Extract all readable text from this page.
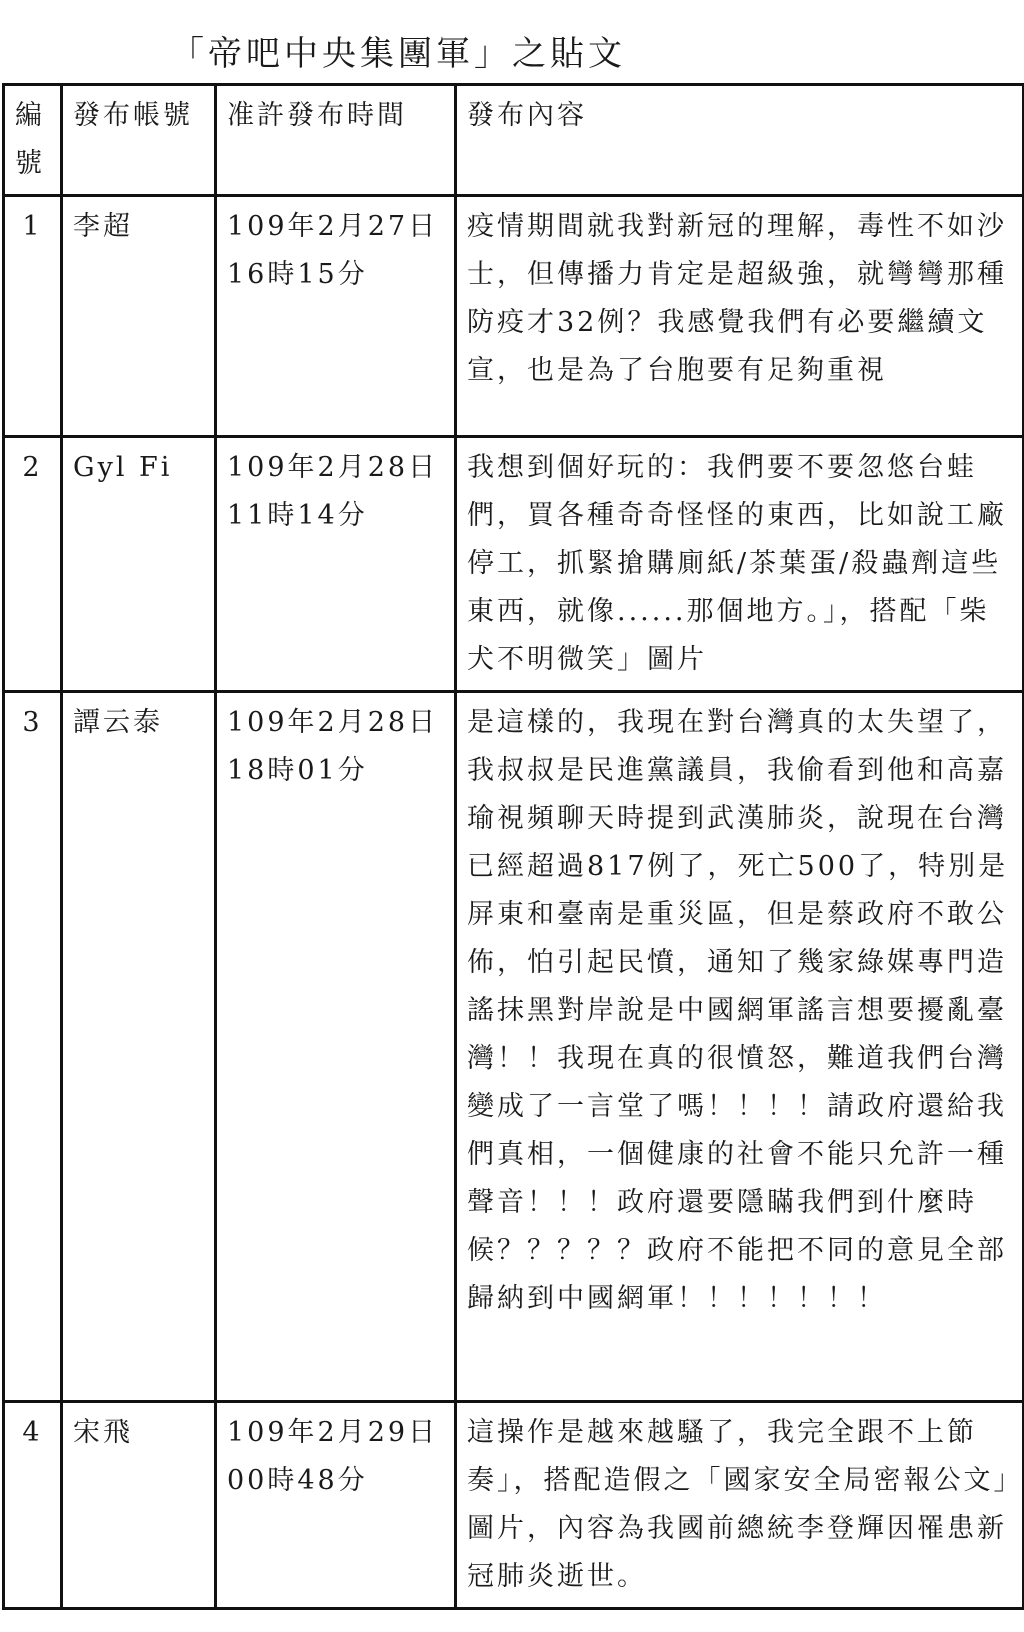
「帝吧中央集團軍」之貼文
編號	發布帳號	准許發布時間	發布內容
1	李超	109年2月27日
16時15分	疫情期間就我對新冠的理解，毒性不如沙士，但傳播力肯定是超級強，就彎彎那種防疫才32例？我感覺我們有必要繼續文宣，也是為了台胞要有足夠重視
2	Gyl Fi	109年2月28日
11時14分	我想到個好玩的：我們要不要忽悠台蛙們，買各種奇奇怪怪的東西，比如說工廠停工，抓緊搶購廁紙/茶葉蛋/殺蟲劑這些東西，就像......那個地方。」，搭配「柴犬不明微笑」圖片
3	譚云泰	109年2月28日
18時01分	是這樣的，我現在對台灣真的太失望了，我叔叔是民進黨議員，我偷看到他和高嘉瑜視頻聊天時提到武漢肺炎，說現在台灣已經超過817例了，死亡500了，特別是屏東和臺南是重災區，但是蔡政府不敢公佈，怕引起民憤，通知了幾家綠媒專門造謠抹黑對岸說是中國網軍謠言想要擾亂臺灣！！我現在真的很憤怒，難道我們台灣變成了一言堂了嗎！！！！請政府還給我們真相，一個健康的社會不能只允許一種聲音！！！政府還要隱瞞我們到什麼時候？？？？？政府不能把不同的意見全部歸納到中國網軍！！！！！！！
4	宋飛	109年2月29日
00時48分	這操作是越來越騷了，我完全跟不上節奏」，搭配造假之「國家安全局密報公文」圖片，內容為我國前總統李登輝因罹患新冠肺炎逝世。
